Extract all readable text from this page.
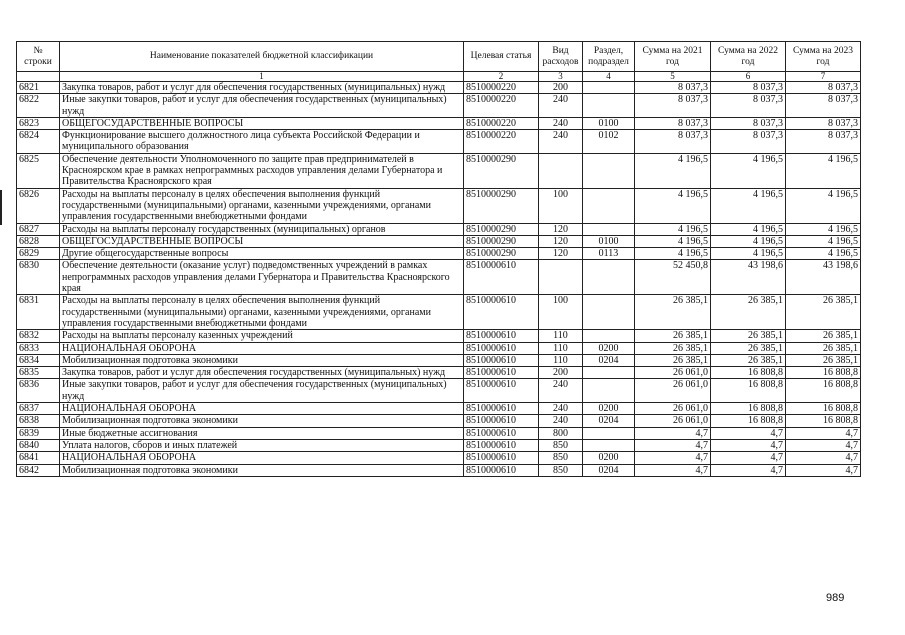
№ строки	Наименование показателей бюджетной классификации	Целевая статья	Вид расходов	Раздел, подраздел	Сумма на 2021 год	Сумма на 2022 год	Сумма на 2023 год
	1	2	3	4	5	6	7
6821	Закупка товаров, работ и услуг для обеспечения государственных (муниципальных) нужд	8510000220	200		8 037,3	8 037,3	8 037,3
6822	Иные закупки товаров, работ и услуг для обеспечения государственных (муниципальных) нужд	8510000220	240		8 037,3	8 037,3	8 037,3
6823	ОБЩЕГОСУДАРСТВЕННЫЕ ВОПРОСЫ	8510000220	240	0100	8 037,3	8 037,3	8 037,3
6824	Функционирование высшего должностного лица субъекта Российской Федерации и муниципального образования	8510000220	240	0102	8 037,3	8 037,3	8 037,3
6825	Обеспечение деятельности Уполномоченного по защите прав предпринимателей в Красноярском крае в рамках непрограммных расходов управления делами Губернатора и Правительства Красноярского края	8510000290			4 196,5	4 196,5	4 196,5
6826	Расходы на выплаты персоналу в целях обеспечения выполнения функций государственными (муниципальными) органами, казенными учреждениями, органами управления государственными внебюджетными фондами	8510000290	100		4 196,5	4 196,5	4 196,5
6827	Расходы на выплаты персоналу государственных (муниципальных) органов	8510000290	120		4 196,5	4 196,5	4 196,5
6828	ОБЩЕГОСУДАРСТВЕННЫЕ ВОПРОСЫ	8510000290	120	0100	4 196,5	4 196,5	4 196,5
6829	Другие общегосударственные вопросы	8510000290	120	0113	4 196,5	4 196,5	4 196,5
6830	Обеспечение деятельности (оказание услуг) подведомственных учреждений в рамках непрограммных расходов управления делами Губернатора и Правительства Красноярского края	8510000610			52 450,8	43 198,6	43 198,6
6831	Расходы на выплаты персоналу в целях обеспечения выполнения функций государственными (муниципальными) органами, казенными учреждениями, органами управления государственными внебюджетными фондами	8510000610	100		26 385,1	26 385,1	26 385,1
6832	Расходы на выплаты персоналу казенных учреждений	8510000610	110		26 385,1	26 385,1	26 385,1
6833	НАЦИОНАЛЬНАЯ ОБОРОНА	8510000610	110	0200	26 385,1	26 385,1	26 385,1
6834	Мобилизационная подготовка экономики	8510000610	110	0204	26 385,1	26 385,1	26 385,1
6835	Закупка товаров, работ и услуг для обеспечения государственных (муниципальных) нужд	8510000610	200		26 061,0	16 808,8	16 808,8
6836	Иные закупки товаров, работ и услуг для обеспечения государственных (муниципальных) нужд	8510000610	240		26 061,0	16 808,8	16 808,8
6837	НАЦИОНАЛЬНАЯ ОБОРОНА	8510000610	240	0200	26 061,0	16 808,8	16 808,8
6838	Мобилизационная подготовка экономики	8510000610	240	0204	26 061,0	16 808,8	16 808,8
6839	Иные бюджетные ассигнования	8510000610	800		4,7	4,7	4,7
6840	Уплата налогов, сборов и иных платежей	8510000610	850		4,7	4,7	4,7
6841	НАЦИОНАЛЬНАЯ ОБОРОНА	8510000610	850	0200	4,7	4,7	4,7
6842	Мобилизационная подготовка экономики	8510000610	850	0204	4,7	4,7	4,7
989
